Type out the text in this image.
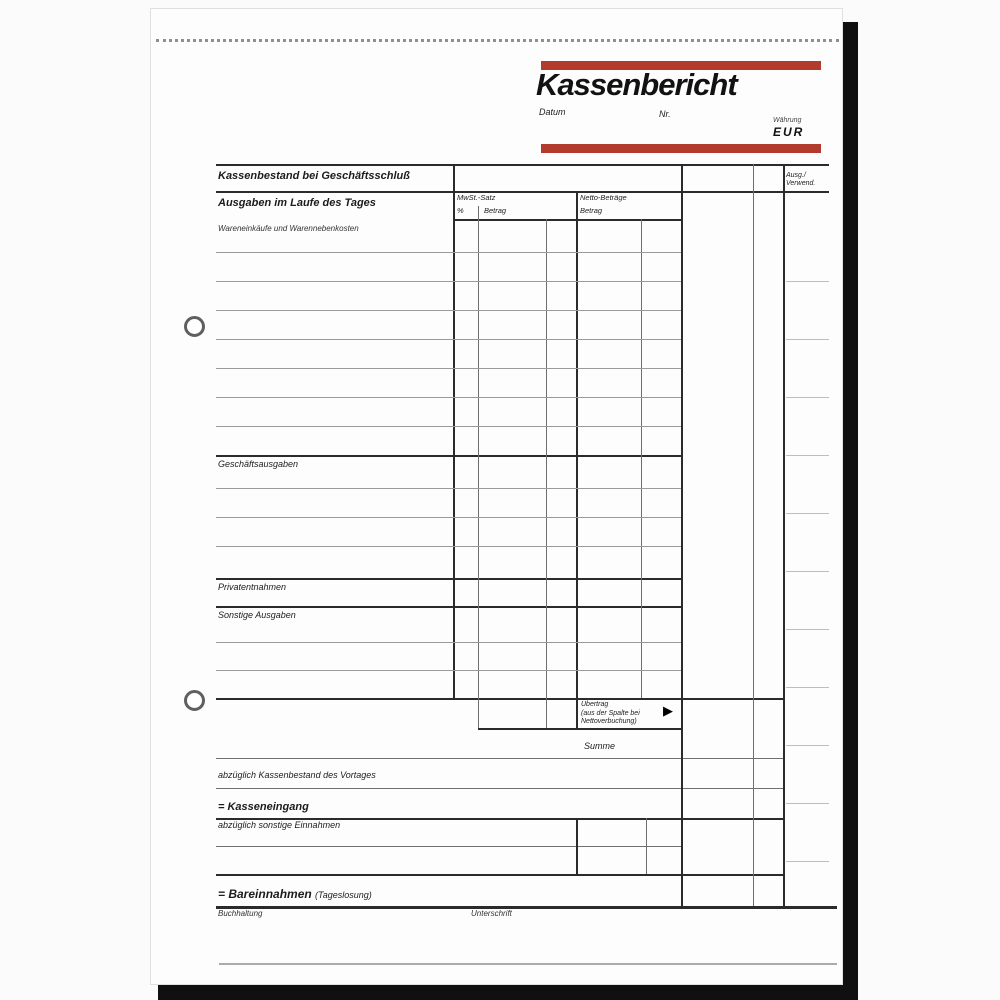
Kassenbericht
Datum	Nr.
Währung
EUR
MwSt.-Satz
%	Betrag
Netto-Beträge
Betrag
Ausg./
Verwend.
Kassenbestand bei Geschäftsschluß
Ausgaben im Laufe des Tages
Wareneinkäufe und Warennebenkosten
Geschäftsausgaben
Privatentnahmen
Sonstige Ausgaben
Übertrag
(aus der Spalte bei
Nettoverbuchung)
▶
Summe
abzüglich Kassenbestand des Vortages
= Kasseneingang
abzüglich sonstige Einnahmen
= Bareinnahmen (Tageslosung)
Buchhaltung	Unterschrift
